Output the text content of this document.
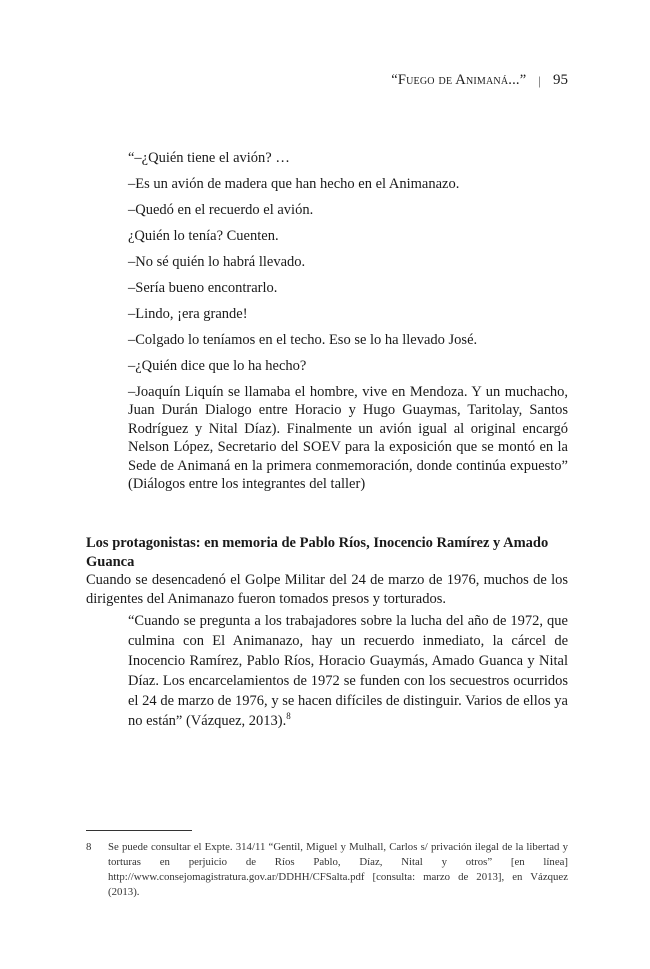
“Fuego de Animaná...” | 95

“–¿Quién tiene el avión? …

–Es un avión de madera que han hecho en el Animanazo.

–Quedó en el recuerdo el avión.

¿Quién lo tenía? Cuenten.

–No sé quién lo habrá llevado.

–Sería bueno encontrarlo.

–Lindo, ¡era grande!

–Colgado lo teníamos en el techo. Eso se lo ha llevado José.

–¿Quién dice que lo ha hecho?

–Joaquín Liquín se llamaba el hombre, vive en Mendoza. Y un muchacho, Juan Durán Dialogo entre Horacio y Hugo Guaymas, Taritolay, Santos Rodríguez y Nital Díaz). Finalmente un avión igual al original encargó Nelson López, Secretario del SOEV para la exposición que se montó en la Sede de Animaná en la primera conmemoración, donde continúa expuesto” (Diálogos entre los integrantes del taller)

Los protagonistas: en memoria de Pablo Ríos, Inocencio Ramírez y Amado Guanca

Cuando se desencadenó el Golpe Militar del 24 de marzo de 1976, muchos de los dirigentes del Animanazo fueron tomados presos y torturados.

“Cuando se pregunta a los trabajadores sobre la lucha del año de 1972, que culmina con El Animanazo, hay un recuerdo inmediato, la cárcel de Inocencio Ramírez, Pablo Ríos, Horacio Guaymás, Amado Guanca y Nital Díaz. Los encarcelamientos de 1972 se funden con los secuestros ocurridos el 24 de marzo de 1976, y se hacen difíciles de distinguir. Varios de ellos ya no están” (Vázquez, 2013).$^8$

8	Se puede consultar el Expte. 314/11 “Gentil, Miguel y Mulhall, Carlos s/ privación ilegal de la libertad y torturas en perjuicio de Ríos Pablo, Díaz, Nital y otros” [en línea] http://www.consejomagistratura.gov.ar/DDHH/CFSalta.pdf [consulta: marzo de 2013], en Vázquez (2013).
